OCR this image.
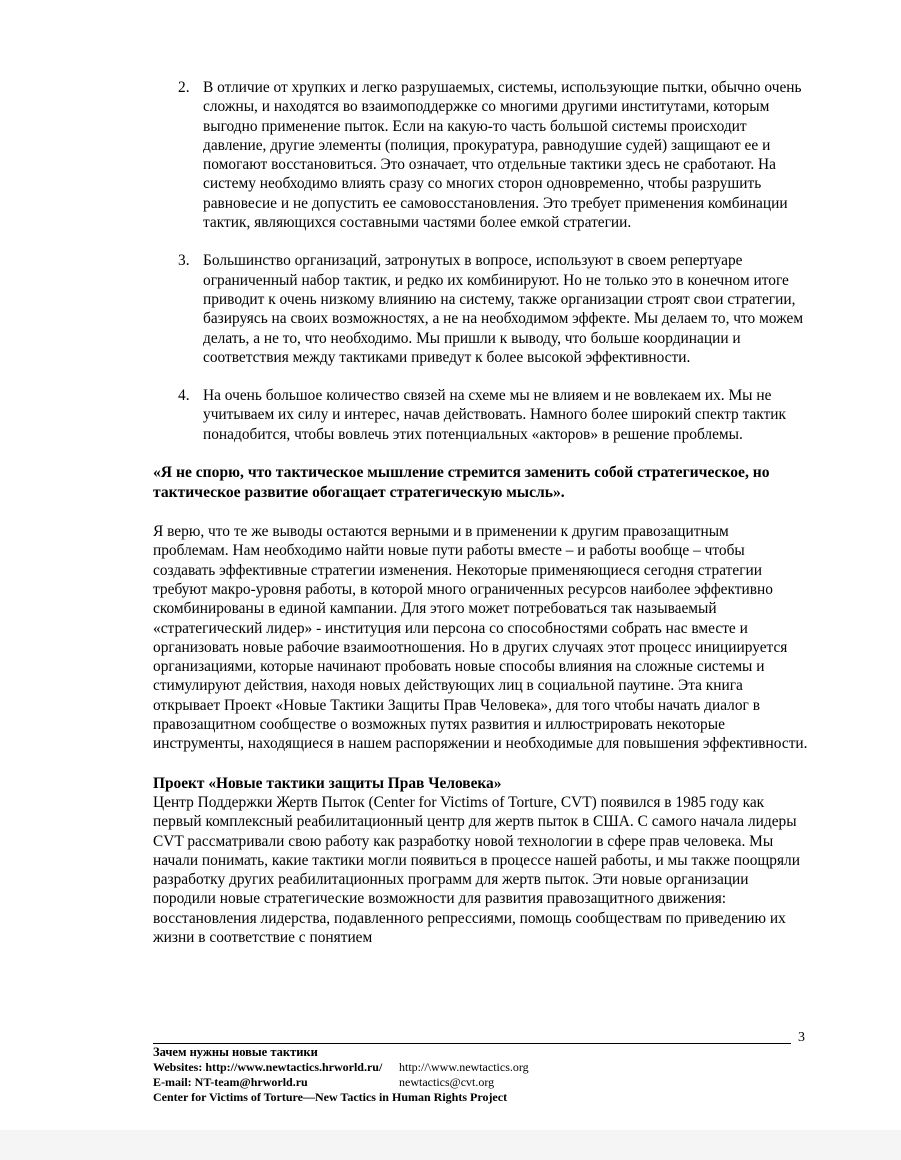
2. В отличие от хрупких и легко разрушаемых, системы, использующие пытки, обычно очень сложны, и находятся во взаимоподдержке со многими другими институтами, которым выгодно применение пыток. Если на какую-то часть большой системы происходит давление, другие элементы (полиция, прокуратура, равнодушие судей) защищают ее и помогают восстановиться. Это означает, что отдельные тактики здесь не сработают. На систему необходимо влиять сразу со многих сторон одновременно, чтобы разрушить равновесие и не допустить ее самовосстановления. Это требует применения комбинации тактик, являющихся составными частями более емкой стратегии.
3. Большинство организаций, затронутых в вопросе, используют в своем репертуаре ограниченный набор тактик, и редко их комбинируют. Но не только это в конечном итоге приводит к очень низкому влиянию на систему, также организации строят свои стратегии, базируясь на своих возможностях, а не на необходимом эффекте. Мы делаем то, что можем делать, а не то, что необходимо. Мы пришли к выводу, что больше координации и соответствия между тактиками приведут к более высокой эффективности.
4. На очень большое количество связей на схеме мы не влияем и не вовлекаем их. Мы не учитываем их силу и интерес, начав действовать. Намного более широкий спектр тактик понадобится, чтобы вовлечь этих потенциальных «акторов» в решение проблемы.

«Я не спорю, что тактическое мышление стремится заменить собой стратегическое, но тактическое развитие обогащает стратегическую мысль».

Я верю, что те же выводы остаются верными и в применении к другим правозащитным проблемам. Нам необходимо найти новые пути работы вместе – и работы вообще – чтобы создавать эффективные стратегии изменения. Некоторые применяющиеся сегодня стратегии требуют макро-уровня работы, в которой много ограниченных ресурсов наиболее эффективно скомбинированы в единой кампании. Для этого может потребоваться так называемый «стратегический лидер» - институция или персона со способностями собрать нас вместе и организовать новые рабочие взаимоотношения. Но в других случаях этот процесс инициируется организациями, которые начинают пробовать новые способы влияния на сложные системы и стимулируют действия, находя новых действующих лиц в социальной паутине. Эта книга открывает Проект «Новые Тактики Защиты Прав Человека», для того чтобы начать диалог в правозащитном сообществе о возможных путях развития и иллюстрировать некоторые инструменты, находящиеся в нашем распоряжении и необходимые для повышения эффективности.

Проект «Новые тактики защиты Прав Человека»

Центр Поддержки Жертв Пыток (Center for Victims of Torture, CVT) появился в 1985 году как первый комплексный реабилитационный центр для жертв пыток в США. С самого начала лидеры CVT рассматривали свою работу как разработку новой технологии в сфере прав человека. Мы начали понимать, какие тактики могли появиться в процессе нашей работы, и мы также поощряли разработку других реабилитационных программ для жертв пыток. Эти новые организации породили новые стратегические возможности для развития правозащитного движения: восстановления лидерства, подавленного репрессиями, помощь сообществам по приведению их жизни в соответствие с понятием

3
Зачем нужны новые тактики
Websites: http://www.newtactics.hrworld.ru/ http://\www.newtactics.org
E-mail: NT-team@hrworld.ru	newtactics@cvt.org
Center for Victims of Torture—New Tactics in Human Rights Project
